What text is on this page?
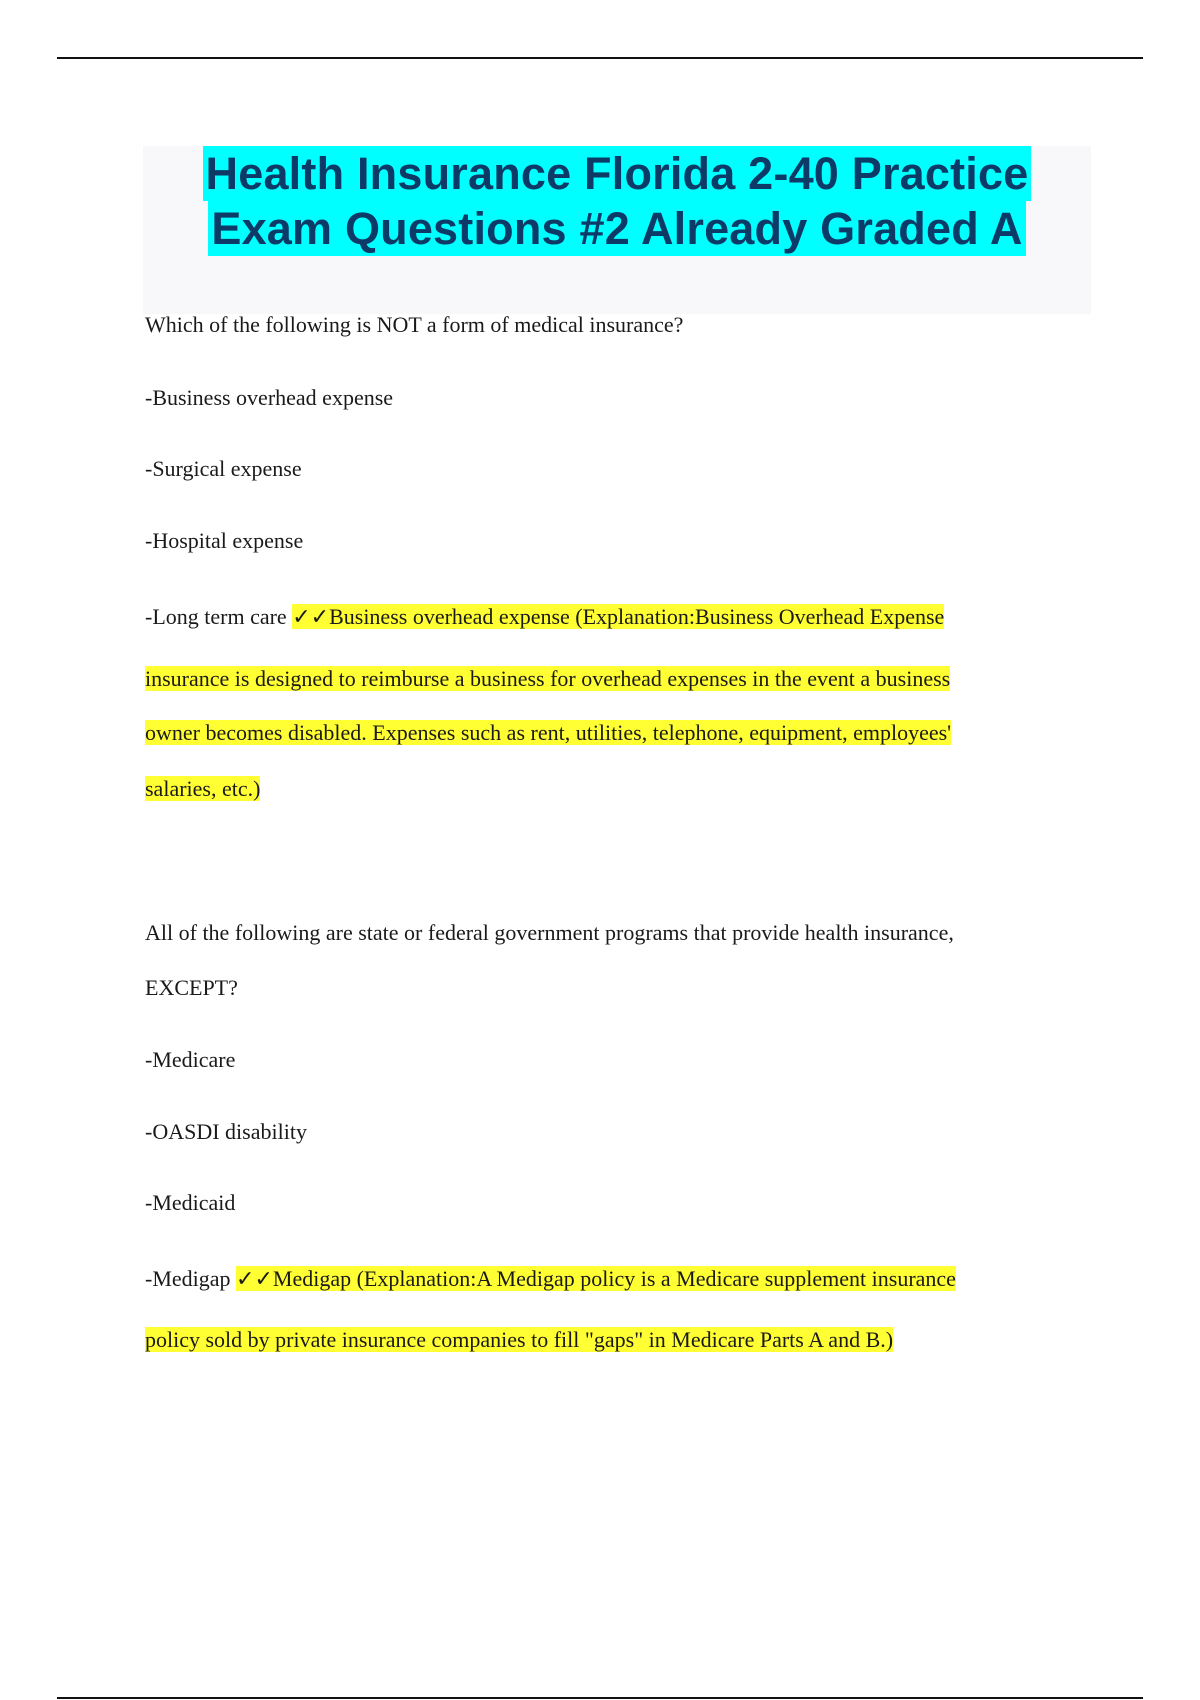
Health Insurance Florida 2-40 Practice
Exam Questions #2 Already Graded A
Which of the following is NOT a form of medical insurance?
-Business overhead expense
-Surgical expense
-Hospital expense
-Long term care ✓✓Business overhead expense (Explanation:Business Overhead Expense
insurance is designed to reimburse a business for overhead expenses in the event a business
owner becomes disabled. Expenses such as rent, utilities, telephone, equipment, employees'
salaries, etc.)
All of the following are state or federal government programs that provide health insurance,
EXCEPT?
-Medicare
-OASDI disability
-Medicaid
-Medigap ✓✓Medigap (Explanation:A Medigap policy is a Medicare supplement insurance
policy sold by private insurance companies to fill "gaps" in Medicare Parts A and B.)
